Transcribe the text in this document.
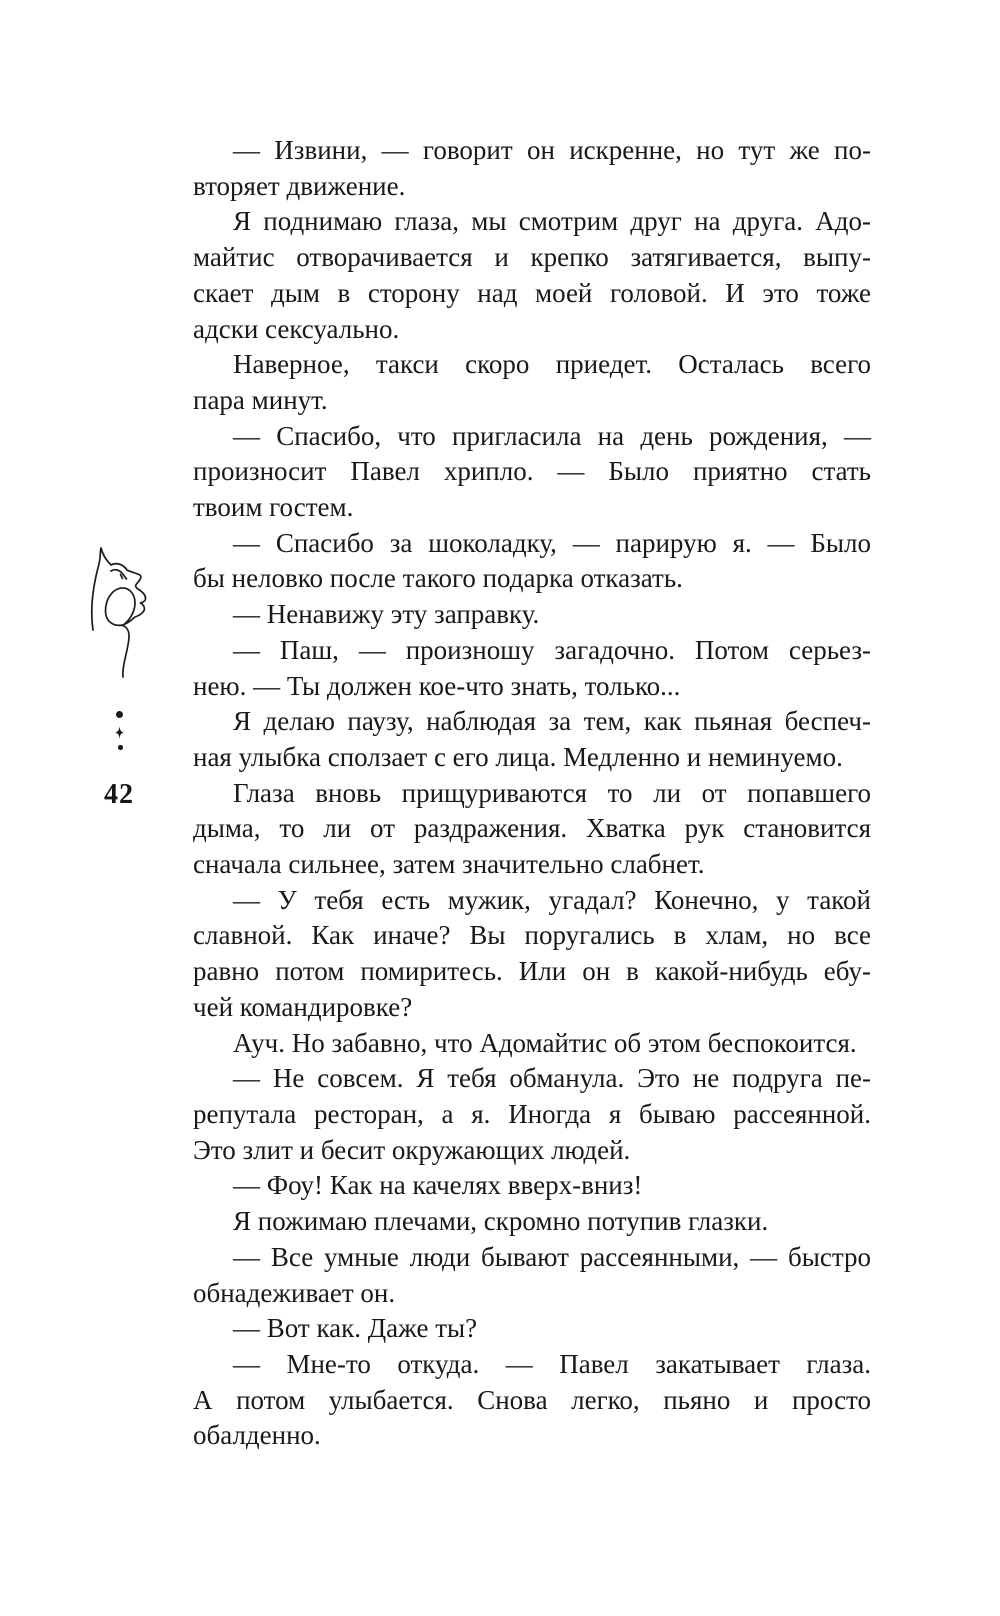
42
— Извини, — говорит он искренне, но тут же по-
вторяет движение.
Я поднимаю глаза, мы смотрим друг на друга. Адо-
майтис отворачивается и крепко затягивается, выпу-
скает дым в сторону над моей головой. И это тоже
адски сексуально.
Наверное, такси скоро приедет. Осталась всего
пара минут.
— Спасибо, что пригласила на день рождения, —
произносит Павел хрипло. — Было приятно стать
твоим гостем.
— Спасибо за шоколадку, — парирую я. — Было
бы неловко после такого подарка отказать.
— Ненавижу эту заправку.
— Паш, — произношу загадочно. Потом серьез-
нею. — Ты должен кое-что знать, только...
Я делаю паузу, наблюдая за тем, как пьяная беспеч-
ная улыбка сползает с его лица. Медленно и неминуемо.
Глаза вновь прищуриваются то ли от попавшего
дыма, то ли от раздражения. Хватка рук становится
сначала сильнее, затем значительно слабнет.
— У тебя есть мужик, угадал? Конечно, у такой
славной. Как иначе? Вы поругались в хлам, но все
равно потом помиритесь. Или он в какой-нибудь ебу-
чей командировке?
Ауч. Но забавно, что Адомайтис об этом беспокоится.
— Не совсем. Я тебя обманула. Это не подруга пе-
репутала ресторан, а я. Иногда я бываю рассеянной.
Это злит и бесит окружающих людей.
— Фоу! Как на качелях вверх-вниз!
Я пожимаю плечами, скромно потупив глазки.
— Все умные люди бывают рассеянными, — быстро
обнадеживает он.
— Вот как. Даже ты?
— Мне-то откуда. — Павел закатывает глаза.
А потом улыбается. Снова легко, пьяно и просто
обалденно.
